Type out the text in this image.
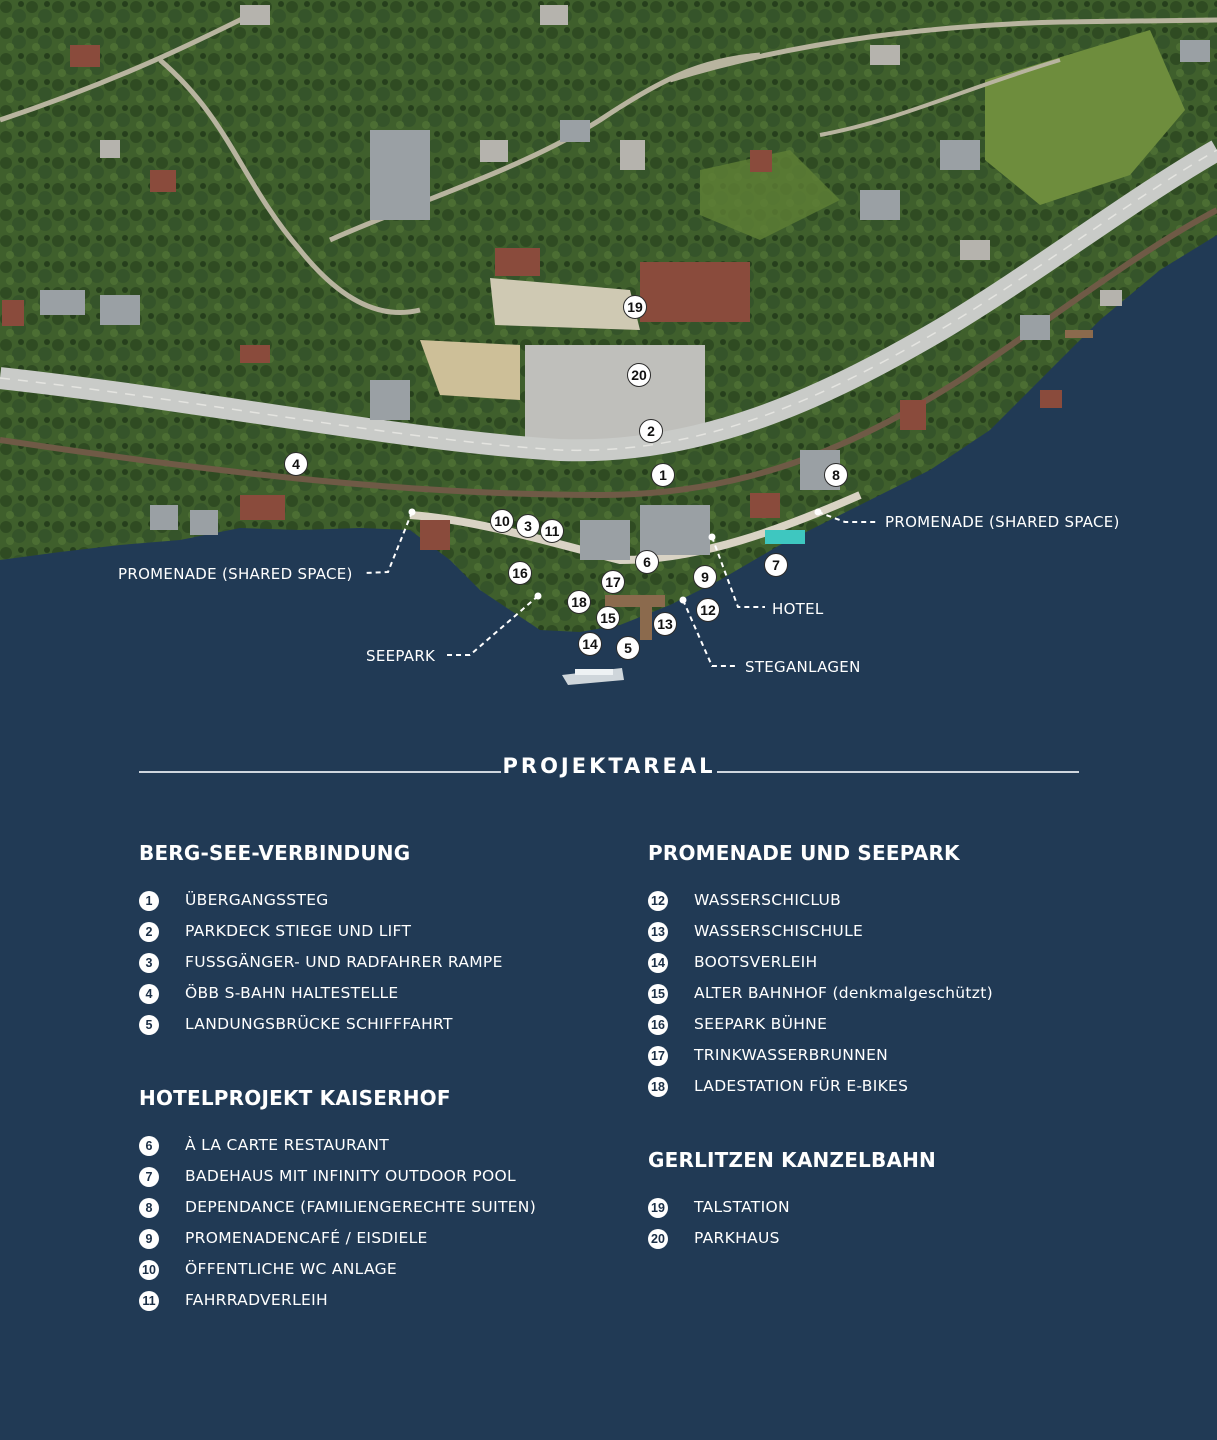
PROMENADE (SHARED SPACE)
PROMENADE (SHARED SPACE)
HOTEL
SEEPARK
STEGANLAGEN
1
2
3
4
5
6	7
8
9
10
11
12
13
14
15
16
17
18
19
20
PROJEKTAREAL
BERG-SEE-VERBINDUNG
1	ÜBERGANGSSTEG
2	PARKDECK STIEGE UND LIFT
3	FUSSGÄNGER- UND RADFAHRER RAMPE
4	ÖBB S-BAHN HALTESTELLE
5	LANDUNGSBRÜCKE SCHIFFFAHRT
HOTELPROJEKT KAISERHOF
6	À LA CARTE RESTAURANT
7	BADEHAUS MIT INFINITY OUTDOOR POOL
8	DEPENDANCE (FAMILIENGERECHTE SUITEN)
9	PROMENADENCAFÉ / EISDIELE
10 ÖFFENTLICHE WC ANLAGE
11 FAHRRADVERLEIH
PROMENADE UND SEEPARK
12 WASSERSCHICLUB
13 WASSERSCHISCHULE
14 BOOTSVERLEIH
15 ALTER BAHNHOF (denkmalgeschützt)
16 SEEPARK BÜHNE
17 TRINKWASSERBRUNNEN
18 LADESTATION FÜR E-BIKES
GERLITZEN KANZELBAHN
19 TALSTATION
20 PARKHAUS
